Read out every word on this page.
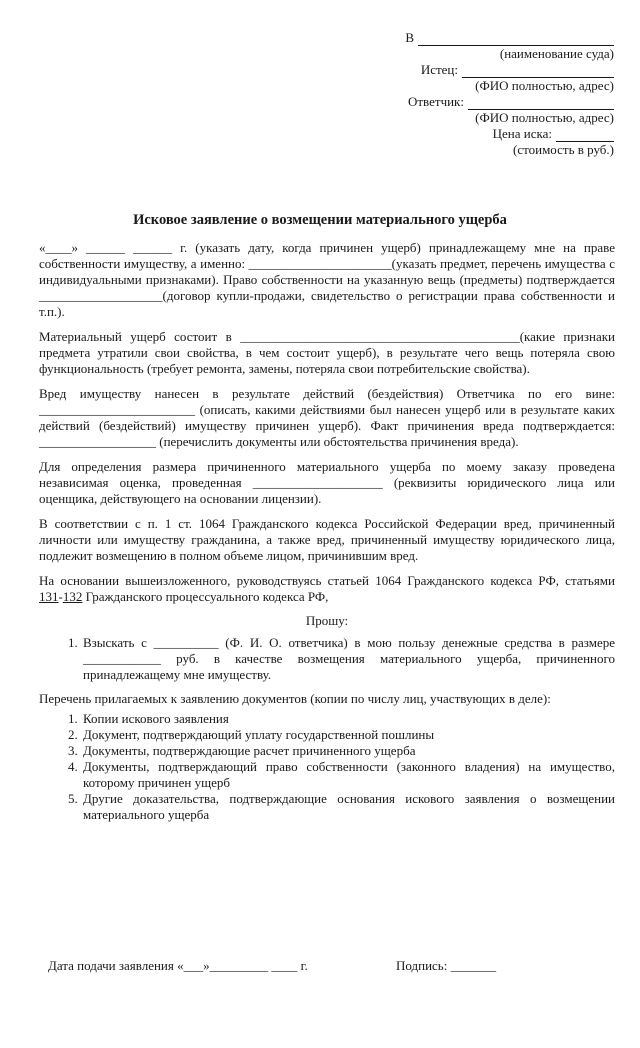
В
(наименование суда)
Истец:
(ФИО полностью, адрес)
Ответчик:
(ФИО полностью, адрес)
Цена иска:
(стоимость в руб.)
Исковое заявление о возмещении материального ущерба

«____» ______ ______ г. (указать дату, когда причинен ущерб) принадлежащему мне на праве собственности имуществу, а именно: ______________________(указать предмет, перечень имущества с индивидуальными признаками). Право собственности на указанную вещь (предметы) подтверждается ___________________(договор купли-продажи, свидетельство о регистрации права собственности и т.п.).

Материальный ущерб состоит в ___________________________________________(какие признаки предмета утратили свои свойства, в чем состоит ущерб), в результате чего вещь потеряла свою функциональность (требует ремонта, замены, потеряла свои потребительские свойства).

Вред имуществу нанесен в результате действий (бездействия) Ответчика по его вине: ________________________ (описать, какими действиями был нанесен ущерб или в результате каких действий (бездействий) имуществу причинен ущерб). Факт причинения вреда подтверждается: __________________ (перечислить документы или обстоятельства причинения вреда).

Для определения размера причиненного материального ущерба по моему заказу проведена независимая оценка, проведенная ____________________ (реквизиты юридического лица или оценщика, действующего на основании лицензии).

В соответствии с п. 1 ст. 1064 Гражданского кодекса Российской Федерации вред, причиненный личности или имуществу гражданина, а также вред, причиненный имуществу юридического лица, подлежит возмещению в полном объеме лицом, причинившим вред.

На основании вышеизложенного, руководствуясь статьей 1064 Гражданского кодекса РФ, статьями 131-132 Гражданского процессуального кодекса РФ,

Прошу:
1. Взыскать с __________ (Ф. И. О. ответчика) в мою пользу денежные средства в размере ____________ руб. в качестве возмещения материального ущерба, причиненного принадлежащему мне имуществу.

Перечень прилагаемых к заявлению документов (копии по числу лиц, участвующих в деле):

1. Копии искового заявления
2. Документ, подтверждающий уплату государственной пошлины
3. Документы, подтверждающие расчет причиненного ущерба
4. Документы, подтверждающий право собственности (законного владения) на имущество, которому причинен ущерб
5. Другие доказательства, подтверждающие основания искового заявления о возмещении материального ущерба
Дата подачи заявления «___»_________ ____ г.	Подпись: _______
